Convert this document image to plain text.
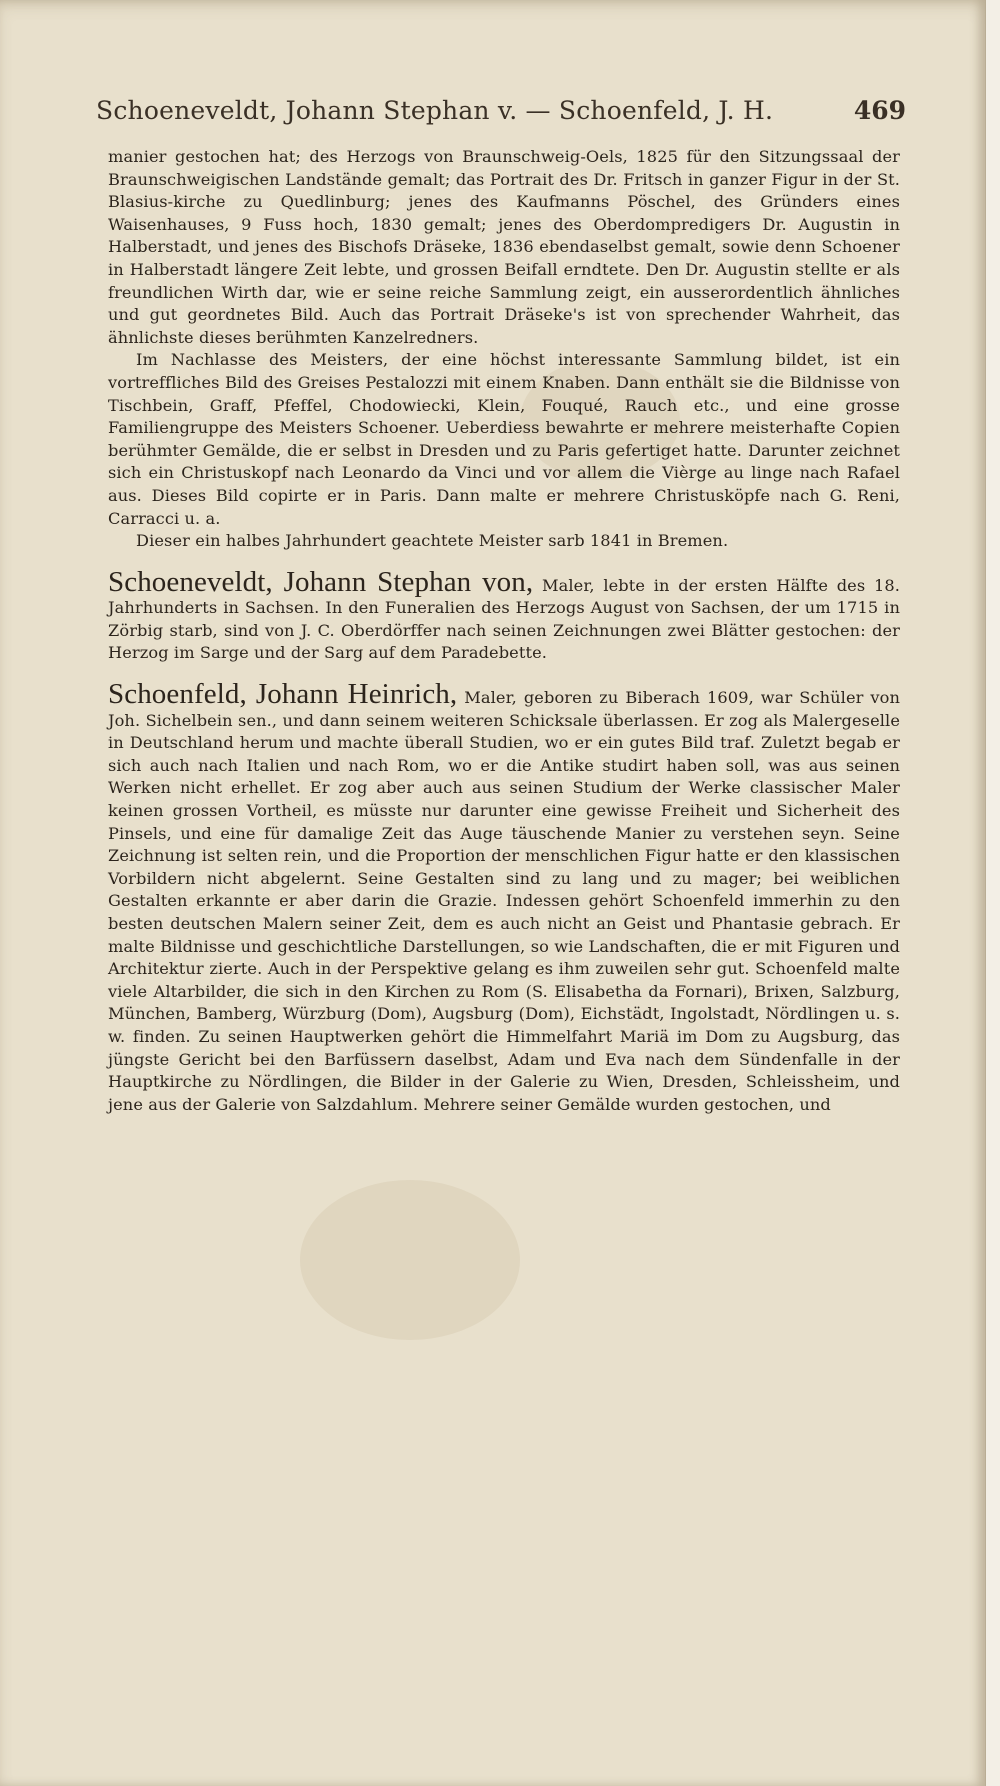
Schoeneveldt, Johann Stephan v. — Schoenfeld, J. H.	469

manier gestochen hat; des Herzogs von Braunschweig-Oels, 1825 für den Sitzungssaal der Braunschweigischen Landstände gemalt; das Portrait des Dr. Fritsch in ganzer Figur in der St. Blasius-kirche zu Quedlinburg; jenes des Kaufmanns Pöschel, des Gründers eines Waisenhauses, 9 Fuss hoch, 1830 gemalt; jenes des Oberdompredigers Dr. Augustin in Halberstadt, und jenes des Bischofs Dräseke, 1836 ebendaselbst gemalt, sowie denn Schoener in Halberstadt längere Zeit lebte, und grossen Beifall erndtete. Den Dr. Augustin stellte er als freundlichen Wirth dar, wie er seine reiche Sammlung zeigt, ein ausserordentlich ähnliches und gut geordnetes Bild. Auch das Portrait Dräseke's ist von sprechender Wahrheit, das ähnlichste dieses berühmten Kanzelredners.

Im Nachlasse des Meisters, der eine höchst interessante Sammlung bildet, ist ein vortreffliches Bild des Greises Pestalozzi mit einem Knaben. Dann enthält sie die Bildnisse von Tischbein, Graff, Pfeffel, Chodowiecki, Klein, Fouqué, Rauch etc., und eine grosse Familiengruppe des Meisters Schoener. Ueberdiess bewahrte er mehrere meisterhafte Copien berühmter Gemälde, die er selbst in Dresden und zu Paris gefertiget hatte. Darunter zeichnet sich ein Christuskopf nach Leonardo da Vinci und vor allem die Vièrge au linge nach Rafael aus. Dieses Bild copirte er in Paris. Dann malte er mehrere Christusköpfe nach G. Reni, Carracci u. a.

Dieser ein halbes Jahrhundert geachtete Meister sarb 1841 in Bremen.

Schoeneveldt, Johann Stephan von, Maler, lebte in der ersten Hälfte des 18. Jahrhunderts in Sachsen. In den Funeralien des Herzogs August von Sachsen, der um 1715 in Zörbig starb, sind von J. C. Oberdörffer nach seinen Zeichnungen zwei Blätter gestochen: der Herzog im Sarge und der Sarg auf dem Paradebette.

Schoenfeld, Johann Heinrich, Maler, geboren zu Biberach 1609, war Schüler von Joh. Sichelbein sen., und dann seinem weiteren Schicksale überlassen. Er zog als Malergeselle in Deutschland herum und machte überall Studien, wo er ein gutes Bild traf. Zuletzt begab er sich auch nach Italien und nach Rom, wo er die Antike studirt haben soll, was aus seinen Werken nicht erhellet. Er zog aber auch aus seinen Studium der Werke classischer Maler keinen grossen Vortheil, es müsste nur darunter eine gewisse Freiheit und Sicherheit des Pinsels, und eine für damalige Zeit das Auge täuschende Manier zu verstehen seyn. Seine Zeichnung ist selten rein, und die Proportion der menschlichen Figur hatte er den klassischen Vorbildern nicht abgelernt. Seine Gestalten sind zu lang und zu mager; bei weiblichen Gestalten erkannte er aber darin die Grazie. Indessen gehört Schoenfeld immerhin zu den besten deutschen Malern seiner Zeit, dem es auch nicht an Geist und Phantasie gebrach. Er malte Bildnisse und geschichtliche Darstellungen, so wie Landschaften, die er mit Figuren und Architektur zierte. Auch in der Perspektive gelang es ihm zuweilen sehr gut. Schoenfeld malte viele Altarbilder, die sich in den Kirchen zu Rom (S. Elisabetha da Fornari), Brixen, Salzburg, München, Bamberg, Würzburg (Dom), Augsburg (Dom), Eichstädt, Ingolstadt, Nördlingen u. s. w. finden. Zu seinen Hauptwerken gehört die Himmelfahrt Mariä im Dom zu Augsburg, das jüngste Gericht bei den Barfüssern daselbst, Adam und Eva nach dem Sündenfalle in der Hauptkirche zu Nördlingen, die Bilder in der Galerie zu Wien, Dresden, Schleissheim, und jene aus der Galerie von Salzdahlum. Mehrere seiner Gemälde wurden gestochen, und
